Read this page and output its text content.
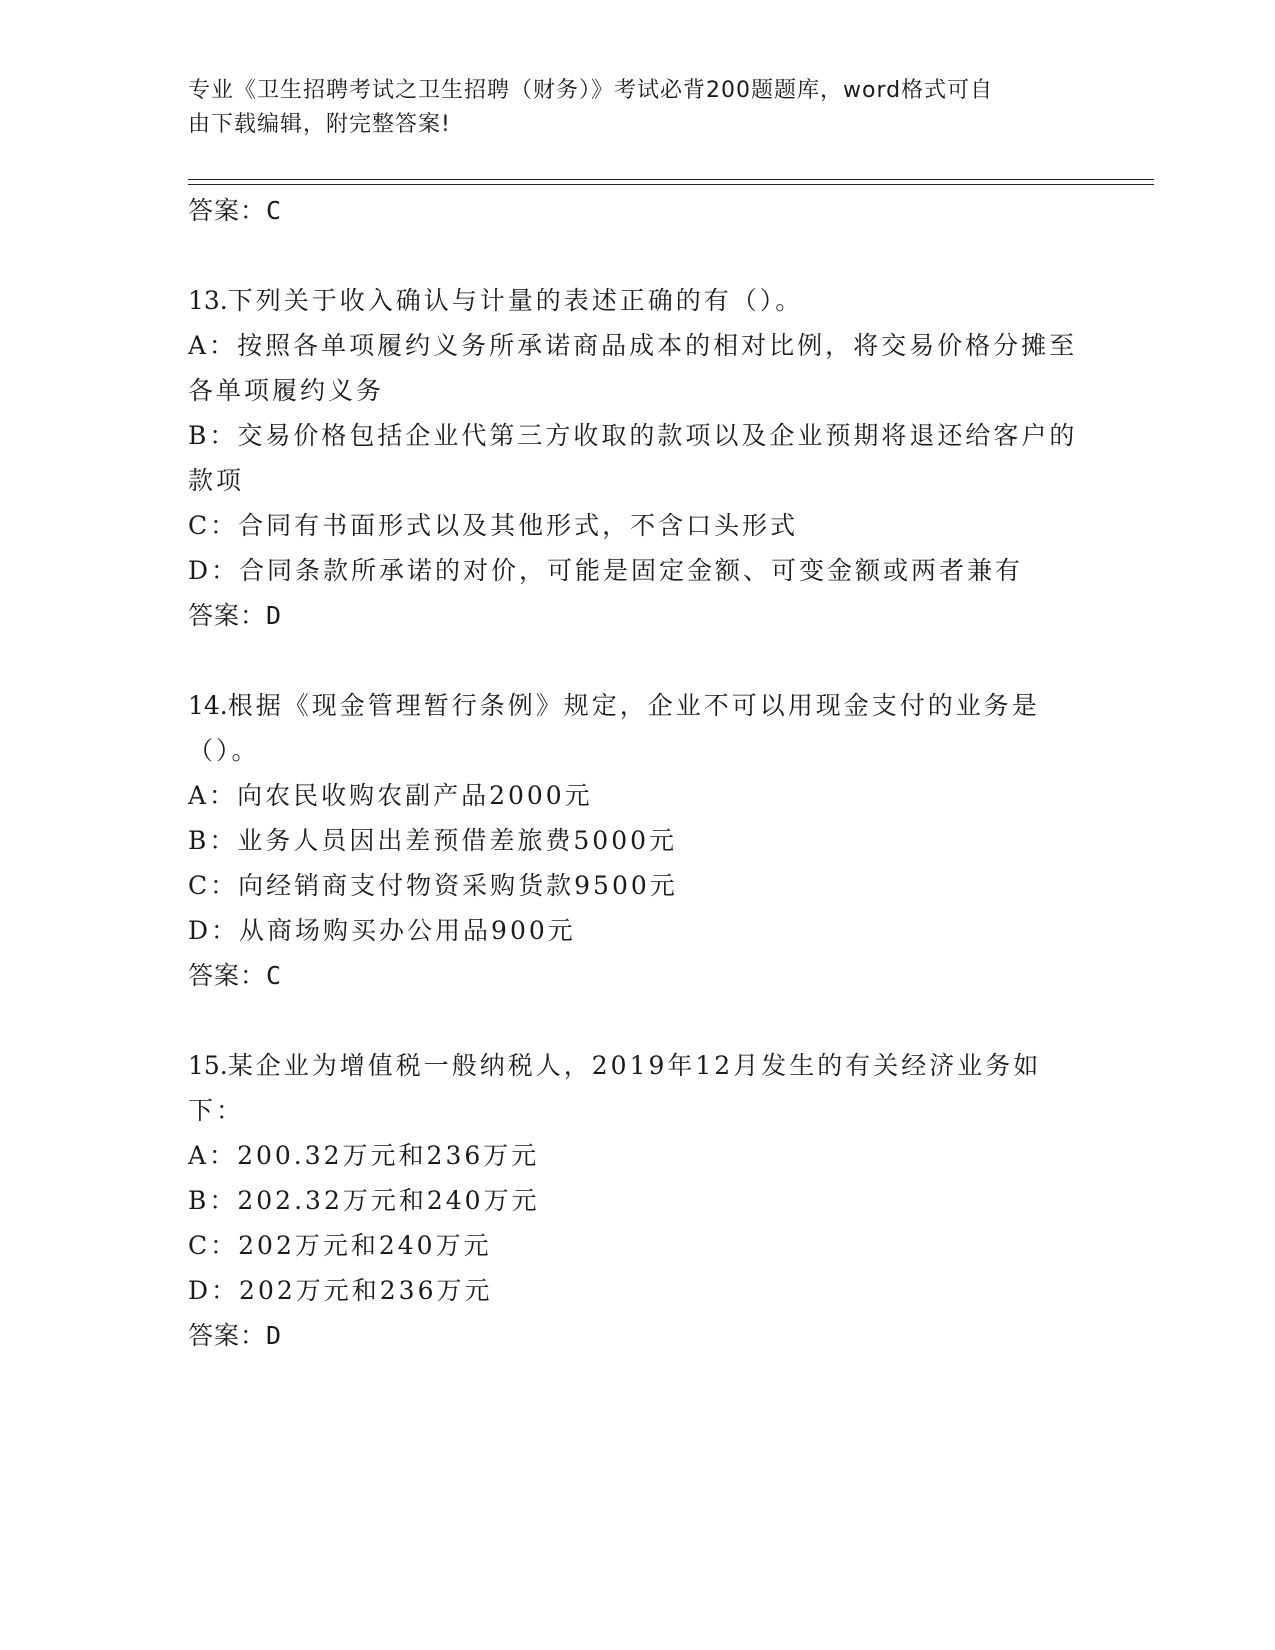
专业《卫生招聘考试之卫生招聘（财务）》考试必背200题题库，word格式可自
由下载编辑，附完整答案!
答案：C
13.下列关于收入确认与计量的表述正确的有（）。
A：按照各单项履约义务所承诺商品成本的相对比例，将交易价格分摊至各单项履约义务
B：交易价格包括企业代第三方收取的款项以及企业预期将退还给客户的款项
C：合同有书面形式以及其他形式，不含口头形式
D：合同条款所承诺的对价，可能是固定金额、可变金额或两者兼有
答案：D
14.根据《现金管理暂行条例》规定，企业不可以用现金支付的业务是（）。
A：向农民收购农副产品2000元
B：业务人员因出差预借差旅费5000元
C：向经销商支付物资采购货款9500元
D：从商场购买办公用品900元
答案：C
15.某企业为增值税一般纳税人，2019年12月发生的有关经济业务如下：
A：200.32万元和236万元
B：202.32万元和240万元
C：202万元和240万元
D：202万元和236万元
答案：D
